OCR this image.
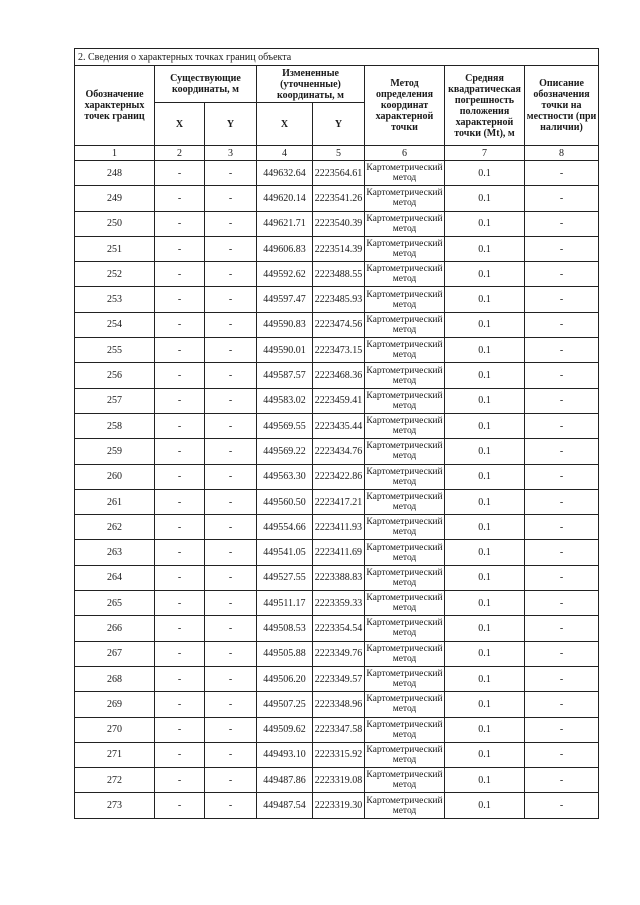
2. Сведения о характерных точках границ объекта							
Обозначение характерных точек границ	Существующие координаты, м		Измененные (уточненные) координаты, м		Метод определения координат характерной точки	Средняя квадратическая погрешность положения характерной точки (Mt), м	Описание обозначения точки на местности (при наличии)
	X	Y	X	Y			
1	2	3	4	5	6	7	8
248	-	-	449632.64	2223564.61	Картометрический метод	0.1	-
249	-	-	449620.14	2223541.26	Картометрический метод	0.1	-
250	-	-	449621.71	2223540.39	Картометрический метод	0.1	-
251	-	-	449606.83	2223514.39	Картометрический метод	0.1	-
252	-	-	449592.62	2223488.55	Картометрический метод	0.1	-
253	-	-	449597.47	2223485.93	Картометрический метод	0.1	-
254	-	-	449590.83	2223474.56	Картометрический метод	0.1	-
255	-	-	449590.01	2223473.15	Картометрический метод	0.1	-
256	-	-	449587.57	2223468.36	Картометрический метод	0.1	-
257	-	-	449583.02	2223459.41	Картометрический метод	0.1	-
258	-	-	449569.55	2223435.44	Картометрический метод	0.1	-
259	-	-	449569.22	2223434.76	Картометрический метод	0.1	-
260	-	-	449563.30	2223422.86	Картометрический метод	0.1	-
261	-	-	449560.50	2223417.21	Картометрический метод	0.1	-
262	-	-	449554.66	2223411.93	Картометрический метод	0.1	-
263	-	-	449541.05	2223411.69	Картометрический метод	0.1	-
264	-	-	449527.55	2223388.83	Картометрический метод	0.1	-
265	-	-	449511.17	2223359.33	Картометрический метод	0.1	-
266	-	-	449508.53	2223354.54	Картометрический метод	0.1	-
267	-	-	449505.88	2223349.76	Картометрический метод	0.1	-
268	-	-	449506.20	2223349.57	Картометрический метод	0.1	-
269	-	-	449507.25	2223348.96	Картометрический метод	0.1	-
270	-	-	449509.62	2223347.58	Картометрический метод	0.1	-
271	-	-	449493.10	2223315.92	Картометрический метод	0.1	-
272	-	-	449487.86	2223319.08	Картометрический метод	0.1	-
273	-	-	449487.54	2223319.30	Картометрический метод	0.1	-
